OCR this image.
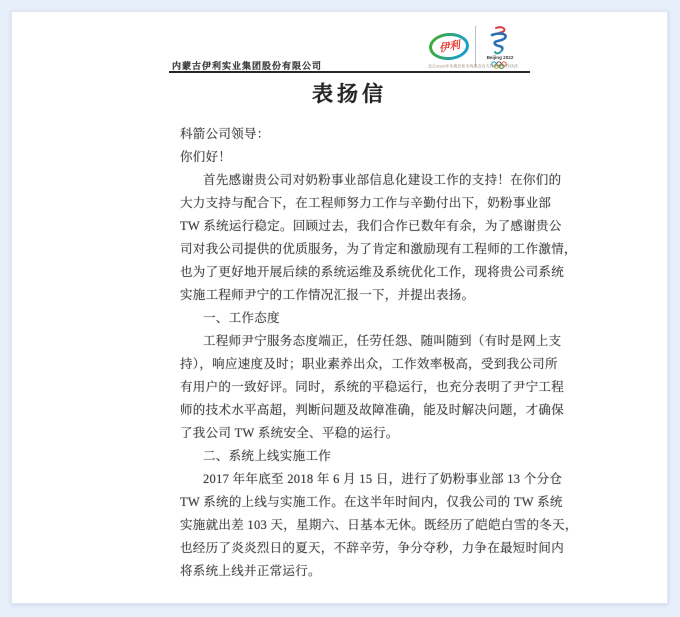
内蒙古伊利实业集团股份有限公司
伊利
Beijing 2022
北京2022年冬奥会和冬残奥会官方乳制品合作伙伴
表扬信
科箭公司领导：
你们好！
首先感谢贵公司对奶粉事业部信息化建设工作的支持！在你们的
大力支持与配合下，在工程师努力工作与辛勤付出下，奶粉事业部
TW 系统运行稳定。回顾过去，我们合作已数年有余，为了感谢贵公
司对我公司提供的优质服务，为了肯定和激励现有工程师的工作激情，
也为了更好地开展后续的系统运维及系统优化工作，现将贵公司系统
实施工程师尹宁的工作情况汇报一下，并提出表扬。
一、工作态度
工程师尹宁服务态度端正，任劳任怨、随叫随到（有时是网上支
持），响应速度及时；职业素养出众，工作效率极高，受到我公司所
有用户的一致好评。同时，系统的平稳运行，也充分表明了尹宁工程
师的技术水平高超，判断问题及故障准确，能及时解决问题，才确保
了我公司 TW 系统安全、平稳的运行。
二、系统上线实施工作
2017 年年底至 2018 年 6 月 15 日，进行了奶粉事业部 13 个分仓
TW 系统的上线与实施工作。在这半年时间内，仅我公司的 TW 系统
实施就出差 103 天，星期六、日基本无休。既经历了皑皑白雪的冬天，
也经历了炎炎烈日的夏天，不辞辛劳，争分夺秒，力争在最短时间内
将系统上线并正常运行。
